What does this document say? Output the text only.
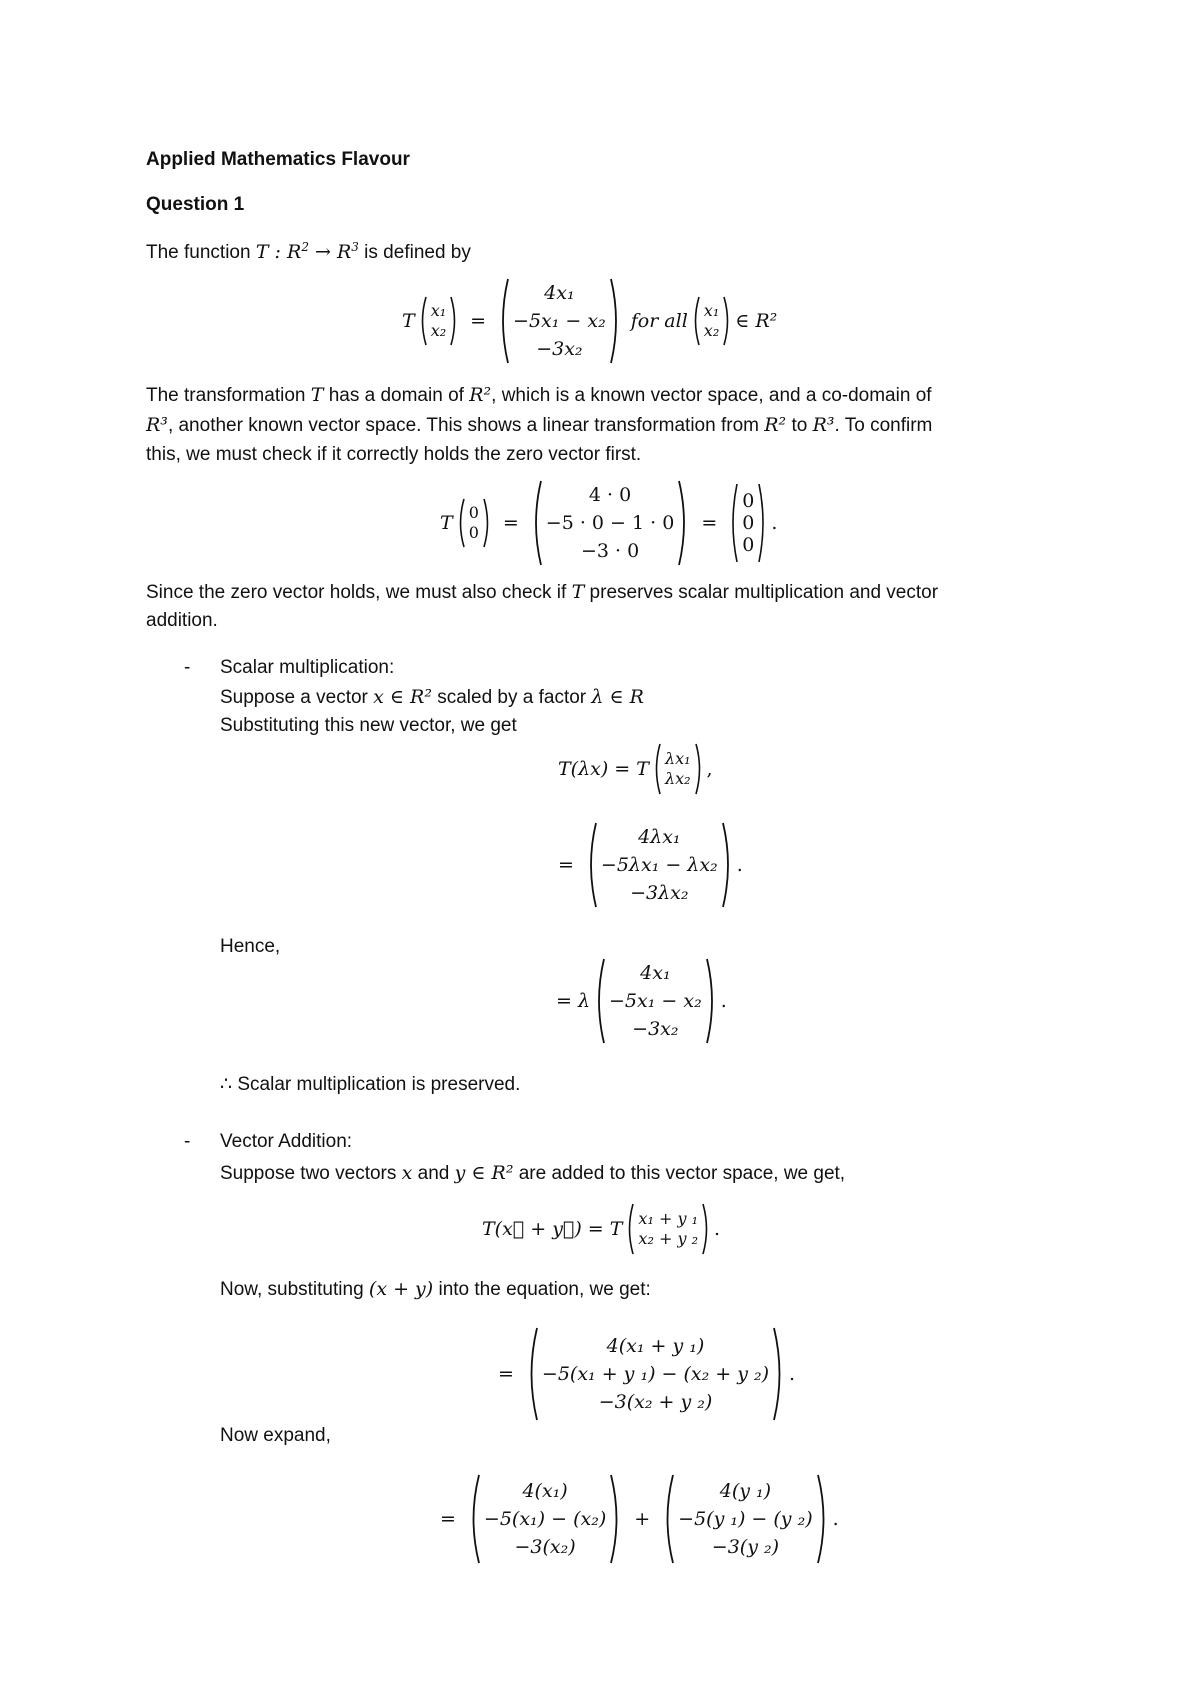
Applied Mathematics Flavour
Question 1
The function T : $R^2 \to R^3$ is defined by
T x₁
x₂ =
4x₁
−5x₁ − x₂
−3x₂
for all x₁
x₂ ∈ R²
The transformation T has a domain of R², which is a known vector space, and a co-domain of
R³, another known vector space. This shows a linear transformation from R² to R³. To confirm
this, we must check if it correctly holds the zero vector first.
T 0
0 =
4 · 0
−5 · 0 − 1 · 0
−3 · 0
=
0
0
0
.
Since the zero vector holds, we must also check if T preserves scalar multiplication and vector
addition.
- Scalar multiplication:
Suppose a vector x ∈ R² scaled by a factor λ ∈ R
Substituting this new vector, we get
T(λx) = T λx₁
λx₂ ,
=
4λx₁
−5λx₁ − λx₂
−3λx₂
.
Hence,
= λ
4x₁
−5x₁ − x₂
−3x₂
.
∴ Scalar multiplication is preserved.
- Vector Addition:
Suppose two vectors x and y ∈ R² are added to this vector space, we get,
T(x⃗ + y⃗) = T x₁ + y ₁
x₂ + y ₂ .
Now, substituting (x + y) into the equation, we get:
=
4(x₁ + y ₁)
−5(x₁ + y ₁) − (x₂ + y ₂)
−3(x₂ + y ₂)
.
Now expand,
=
4(x₁)
−5(x₁) − (x₂)
−3(x₂)
+
4(y ₁)
−5(y ₁) − (y ₂)
−3(y ₂)
.
